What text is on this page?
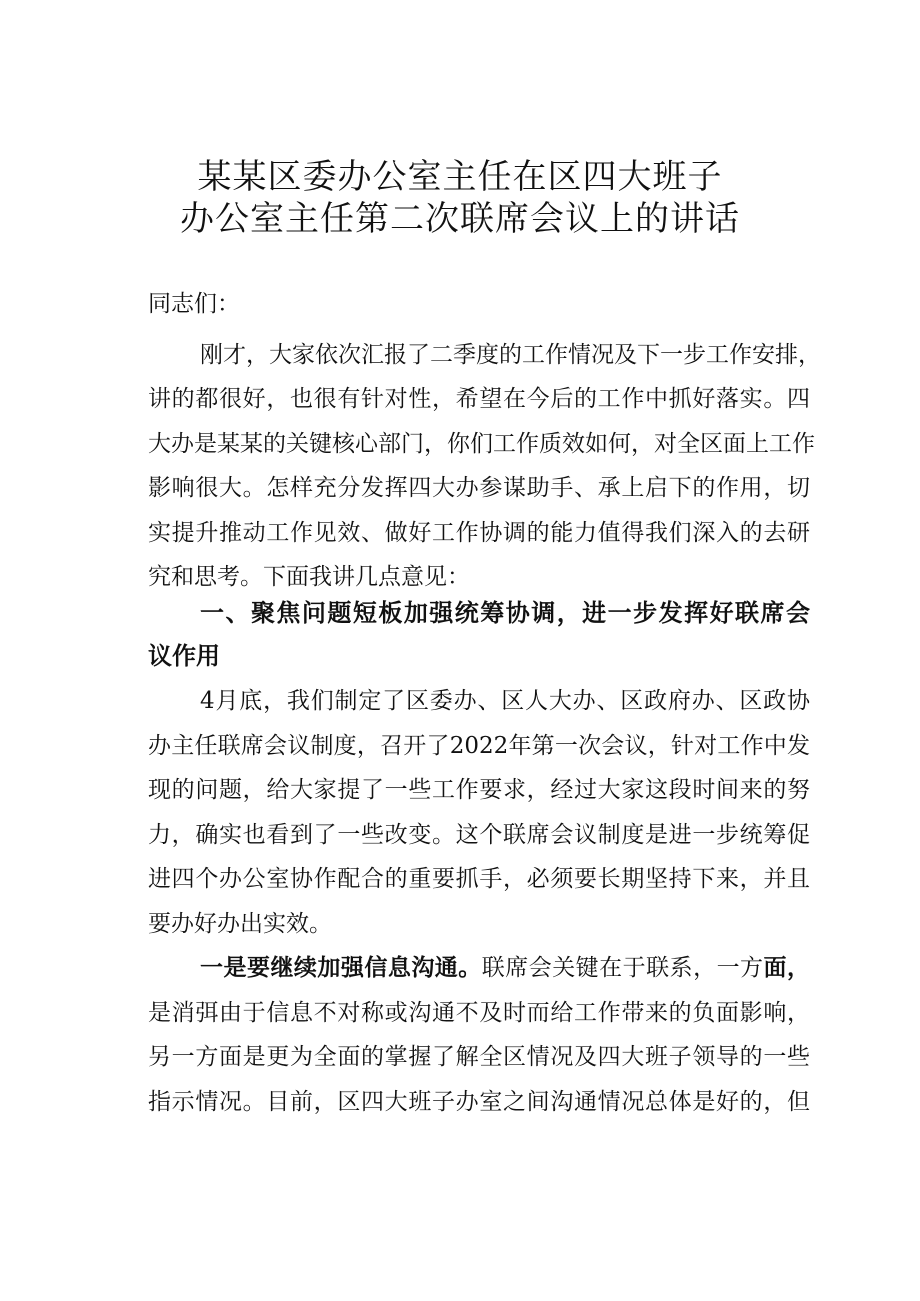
某某区委办公室主任在区四大班子
办公室主任第二次联席会议上的讲话
同志们：
刚才，大家依次汇报了二季度的工作情况及下一步工作安排，
讲的都很好，也很有针对性，希望在今后的工作中抓好落实。四
大办是某某的关键核心部门，你们工作质效如何，对全区面上工作
影响很大。怎样充分发挥四大办参谋助手、承上启下的作用，切
实提升推动工作见效、做好工作协调的能力值得我们深入的去研
究和思考。下面我讲几点意见：
一、聚焦问题短板加强统筹协调，进一步发挥好联席会
议作用
4月底，我们制定了区委办、区人大办、区政府办、区政协
办主任联席会议制度，召开了2022年第一次会议，针对工作中发
现的问题，给大家提了一些工作要求，经过大家这段时间来的努
力，确实也看到了一些改变。这个联席会议制度是进一步统筹促
进四个办公室协作配合的重要抓手，必须要长期坚持下来，并且
要办好办出实效。
一是要继续加强信息沟通。联席会关键在于联系，一方面，
是消弭由于信息不对称或沟通不及时而给工作带来的负面影响，
另一方面是更为全面的掌握了解全区情况及四大班子领导的一些
指示情况。目前，区四大班子办室之间沟通情况总体是好的，但
